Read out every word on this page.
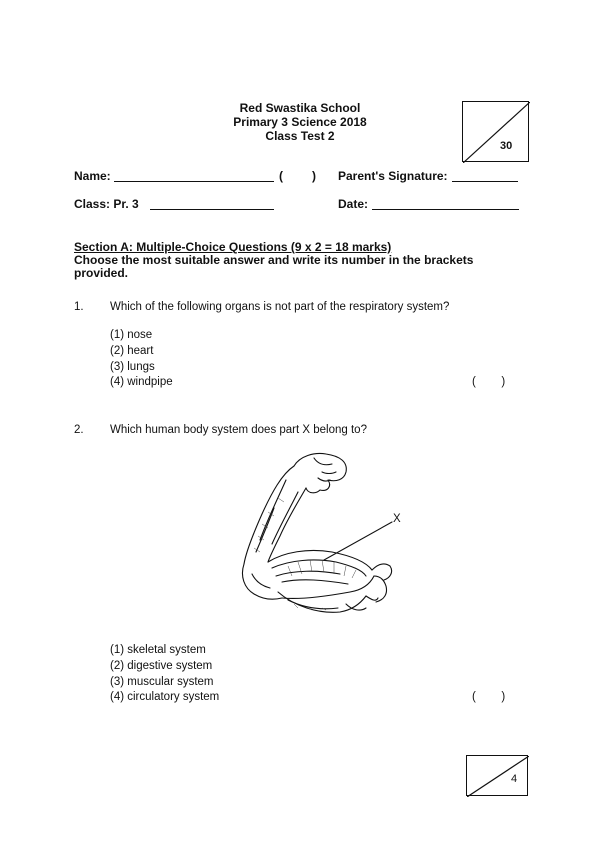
Red Swastika School
Primary 3 Science 2018
Class Test 2
30
Name:	( ) Parent's Signature:
Class: Pr. 3	Date:
Section A: Multiple-Choice Questions (9 x 2 = 18 marks)
Choose the most suitable answer and write its number in the brackets
provided.
1. Which of the following organs is not part of the respiratory system?
(1) nose
(2) heart
(3) lungs
(4) windpipe	(        )
2. Which human body system does part X belong to?
X
(1) skeletal system
(2) digestive system
(3) muscular system
(4) circulatory system	(        )
4
